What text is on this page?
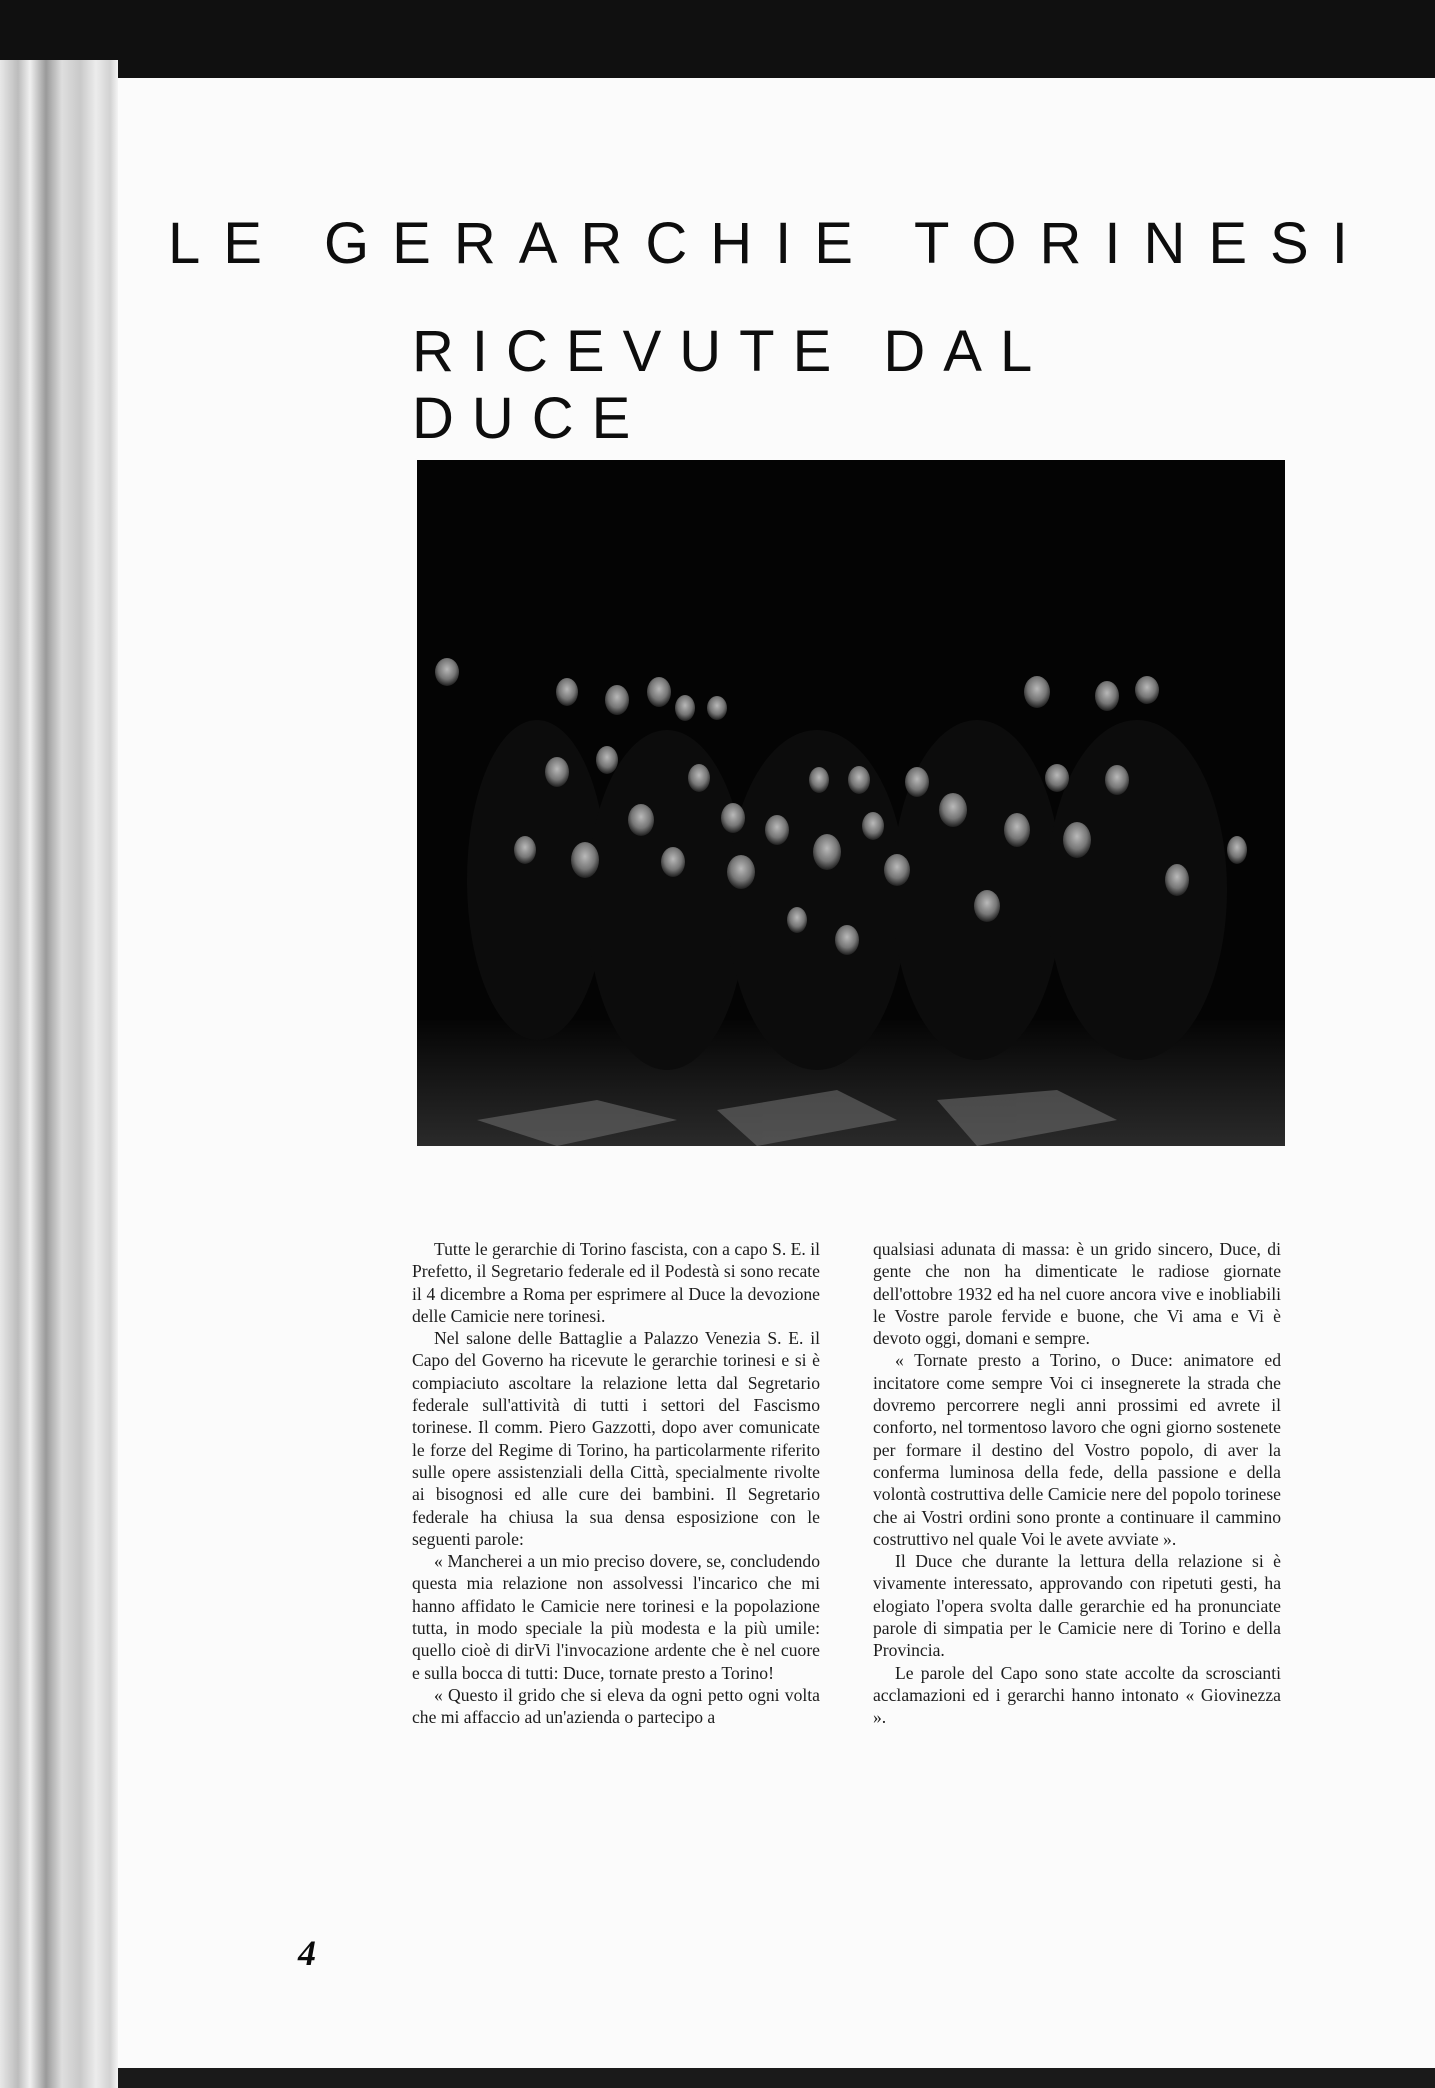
LE GERARCHIE TORINESI
RICEVUTE DAL DUCE

Tutte le gerarchie di Torino fascista, con a capo S. E. il Prefetto, il Segretario federale ed il Podestà si sono recate il 4 dicembre a Roma per esprimere al Duce la devozione delle Camicie nere torinesi.

Nel salone delle Battaglie a Palazzo Venezia S. E. il Capo del Governo ha ricevute le gerarchie torinesi e si è compiaciuto ascoltare la relazione letta dal Segretario federale sull'attività di tutti i settori del Fascismo torinese. Il comm. Piero Gazzotti, dopo aver comunicate le forze del Regime di Torino, ha particolarmente riferito sulle opere assistenziali della Città, specialmente rivolte ai bisognosi ed alle cure dei bambini. Il Segretario federale ha chiusa la sua densa esposizione con le seguenti parole:

« Mancherei a un mio preciso dovere, se, concludendo questa mia relazione non assolvessi l'incarico che mi hanno affidato le Camicie nere torinesi e la popolazione tutta, in modo speciale la più modesta e la più umile: quello cioè di dirVi l'invocazione ardente che è nel cuore e sulla bocca di tutti: Duce, tornate presto a Torino!

« Questo il grido che si eleva da ogni petto ogni volta che mi affaccio ad un'azienda o partecipo a

qualsiasi adunata di massa: è un grido sincero, Duce, di gente che non ha dimenticate le radiose giornate dell'ottobre 1932 ed ha nel cuore ancora vive e inobliabili le Vostre parole fervide e buone, che Vi ama e Vi è devoto oggi, domani e sempre.

« Tornate presto a Torino, o Duce: animatore ed incitatore come sempre Voi ci insegnerete la strada che dovremo percorrere negli anni prossimi ed avrete il conforto, nel tormentoso lavoro che ogni giorno sostenete per formare il destino del Vostro popolo, di aver la conferma luminosa della fede, della passione e della volontà costruttiva delle Camicie nere del popolo torinese che ai Vostri ordini sono pronte a continuare il cammino costruttivo nel quale Voi le avete avviate ».

Il Duce che durante la lettura della relazione si è vivamente interessato, approvando con ripetuti gesti, ha elogiato l'opera svolta dalle gerarchie ed ha pronunciate parole di simpatia per le Camicie nere di Torino e della Provincia.

Le parole del Capo sono state accolte da scroscianti acclamazioni ed i gerarchi hanno intonato « Giovinezza ».

4
